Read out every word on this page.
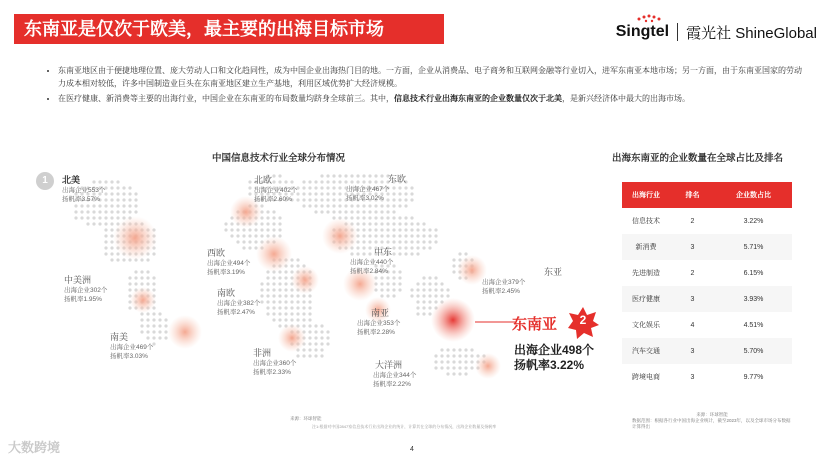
东南亚是仅次于欧美，最主要的出海目标市场	Singtel 霞光社 ShineGlobal
• 东南亚地区由于便捷地理位置、庞大劳动人口和文化趋同性，成为中国企业出海热门目的地。一方面，企业从消费品、电子商务和互联网金融等行业切入，进军东南亚本地市场；另一方面，由于东南亚国家的劳动力成本相对较低，许多中国制造业巨头在东南亚地区建立生产基地，利用区域优势扩大经济规模。
• 在医疗健康、新消费等主要的出海行业，中国企业在东南亚的布局数量均跻身全球前三。其中，信息技术行业出海东南亚的企业数量仅次于北美，是新兴经济体中最大的出海市场。
中国信息技术行业全球分布情况
北美
出海企业553个
扬帆率3.57%
1	北欧
出海企业402个
扬帆率2.60%
东欧
出海企业467个
扬帆率3.02%
西欧
出海企业494个
扬帆率3.19%
中东
出海企业440个
扬帆率2.84%	东亚
出海企业379个
扬帆率2.45%
中美洲
出海企业302个
扬帆率1.95%
南欧
出海企业382个
扬帆率2.47%	南亚
出海企业353个
扬帆率2.28%
南美
出海企业469个
扬帆率3.03%	非洲
出海企业360个
扬帆率2.33%
大洋洲
出海企业344个
扬帆率2.22%
东南亚	2
出海企业498个
扬帆率3.22%
来源：环球智能
注1:根据对中国2847家信息技术行业出海企业的统计，计算其在全球的分布情况，出海企业数量及扬帆率
出海东南亚的企业数量在全球占比及排名
出海行业	排名	企业数占比
信息技术	2	3.22%
新消费	3	5.71%
先进制造	2	6.15%
医疗健康	3	3.93%
文化娱乐	4	4.51%
汽车交通	3	5.70%
跨境电商	3	9.77%
来源：环球智能
数据范围：根据各行业中国出海企业统计，截至2023年，以及全球市场分布数据计算得出
4
大数跨境
